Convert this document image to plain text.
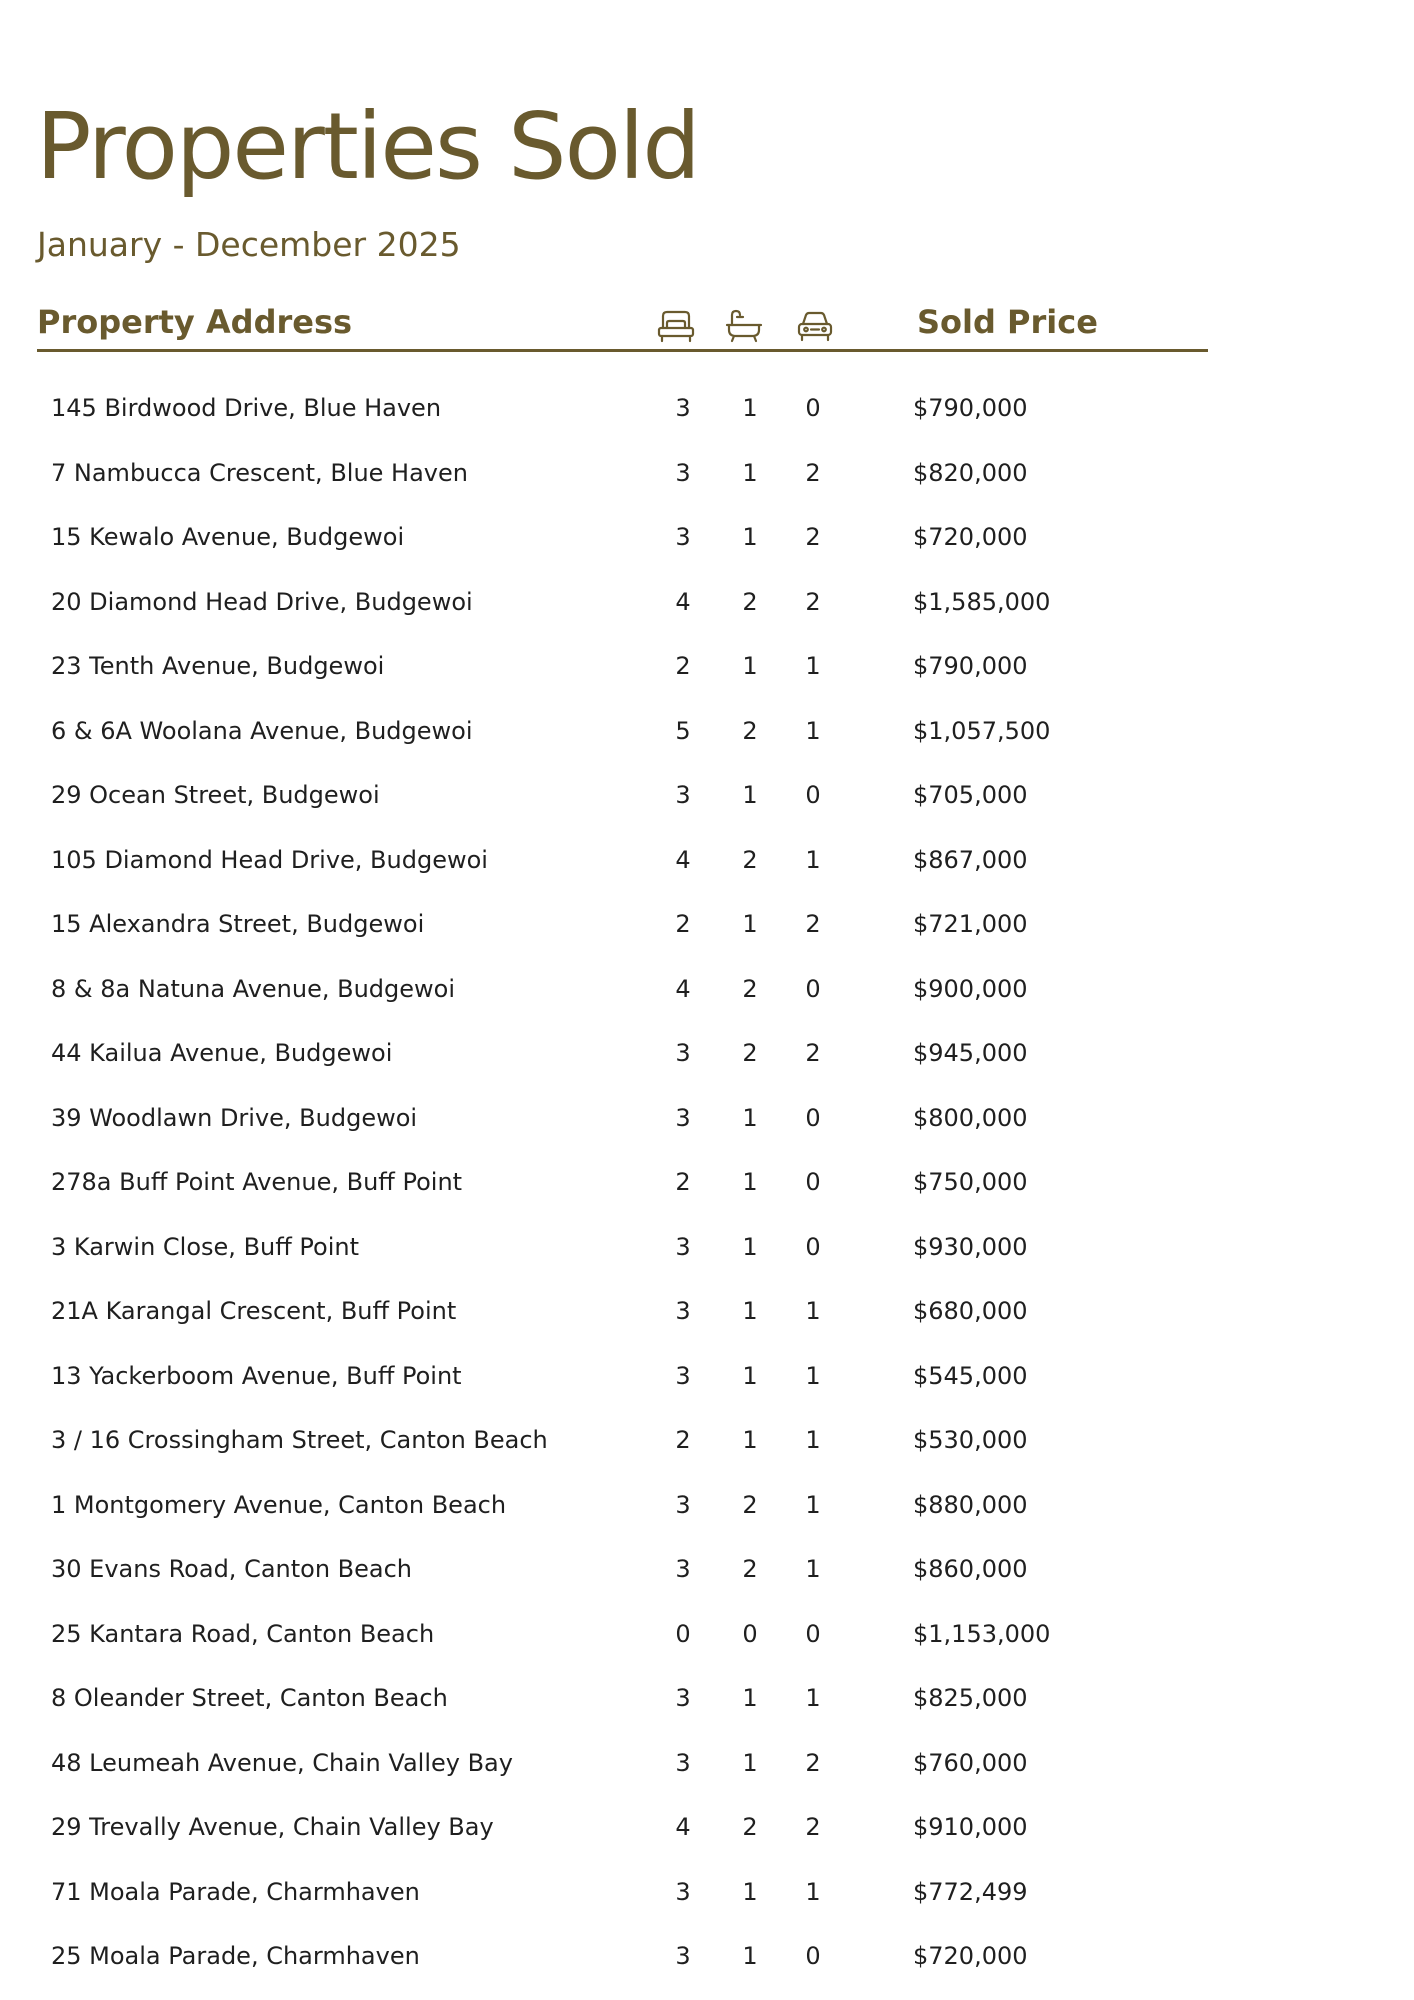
Properties Sold
January - December 2025
Property Address	Sold Price
145 Birdwood Drive, Blue Haven	3	1	0	$790,000
7 Nambucca Crescent, Blue Haven	3	1	2	$820,000
15 Kewalo Avenue, Budgewoi	3	1	2	$720,000
20 Diamond Head Drive, Budgewoi	4	2	2	$1,585,000
23 Tenth Avenue, Budgewoi	2	1	1	$790,000
6 & 6A Woolana Avenue, Budgewoi	5	2	1	$1,057,500
29 Ocean Street, Budgewoi	3	1	0	$705,000
105 Diamond Head Drive, Budgewoi	4	2	1	$867,000
15 Alexandra Street, Budgewoi	2	1	2	$721,000
8 & 8a Natuna Avenue, Budgewoi	4	2	0	$900,000
44 Kailua Avenue, Budgewoi	3	2	2	$945,000
39 Woodlawn Drive, Budgewoi	3	1	0	$800,000
278a Buff Point Avenue, Buff Point	2	1	0	$750,000
3 Karwin Close, Buff Point	3	1	0	$930,000
21A Karangal Crescent, Buff Point	3	1	1	$680,000
13 Yackerboom Avenue, Buff Point	3	1	1	$545,000
3 / 16 Crossingham Street, Canton Beach	2	1	1	$530,000
1 Montgomery Avenue, Canton Beach	3	2	1	$880,000
30 Evans Road, Canton Beach	3	2	1	$860,000
25 Kantara Road, Canton Beach	0	0	0	$1,153,000
8 Oleander Street, Canton Beach	3	1	1	$825,000
48 Leumeah Avenue, Chain Valley Bay	3	1	2	$760,000
29 Trevally Avenue, Chain Valley Bay	4	2	2	$910,000
71 Moala Parade, Charmhaven	3	1	1	$772,499
25 Moala Parade, Charmhaven	3	1	0	$720,000
